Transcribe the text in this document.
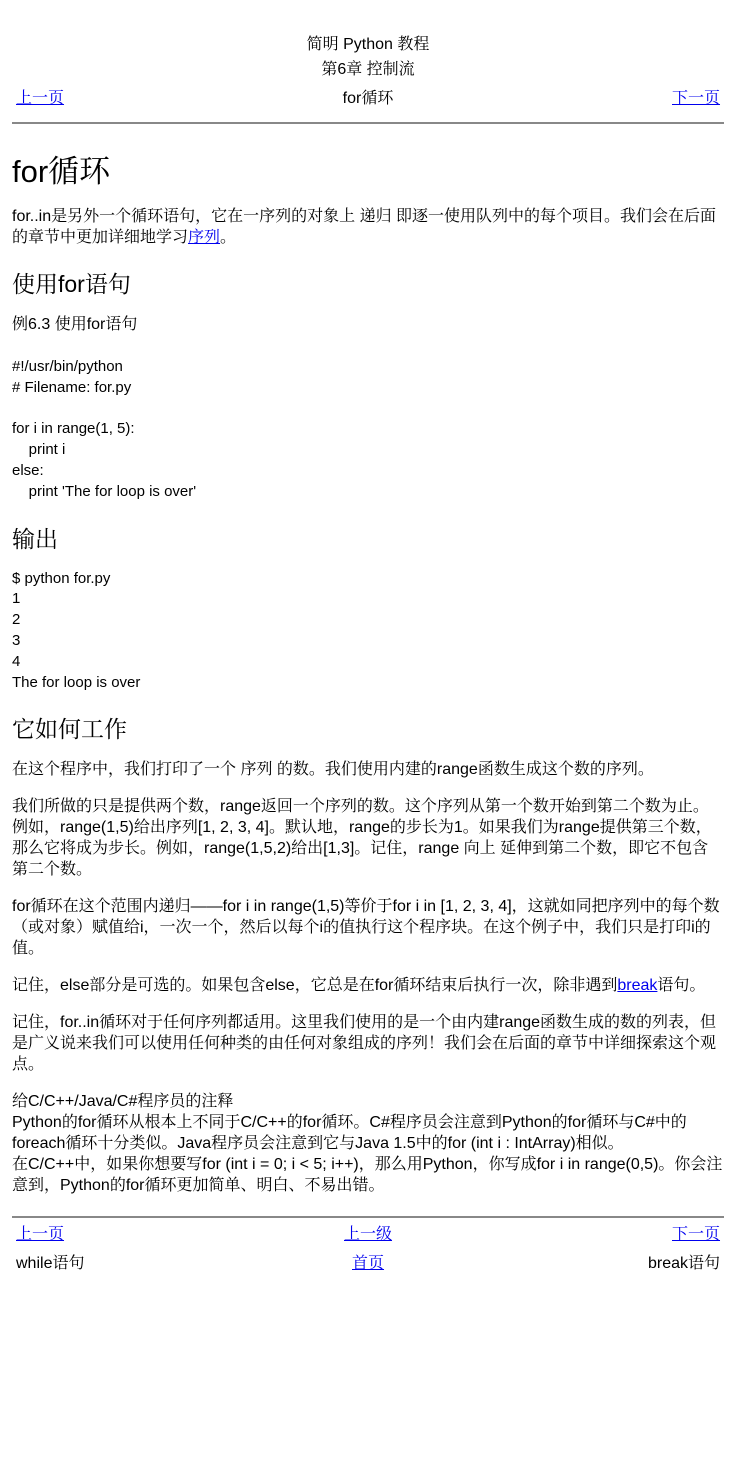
简明 Python 教程
第6章 控制流
上一页	for循环	下一页
for循环

for..in是另外一个循环语句，它在一序列的对象上 递归 即逐一使用队列中的每个项目。我们会在后面的章节中更加详细地学习序列。

使用for语句
例6.3 使用for语句
#!/usr/bin/python
# Filename: for.py

for i in range(1, 5):
print i
else:
print 'The for loop is over'
输出
$ python for.py
1
2
3
4
The for loop is over
它如何工作

在这个程序中，我们打印了一个 序列 的数。我们使用内建的range函数生成这个数的序列。

我们所做的只是提供两个数，range返回一个序列的数。这个序列从第一个数开始到第二个数为止。例如，range(1,5)给出序列[1, 2, 3, 4]。默认地，range的步长为1。如果我们为range提供第三个数，那么它将成为步长。例如，range(1,5,2)给出[1,3]。记住，range 向上 延伸到第二个数，即它不包含第二个数。

for循环在这个范围内递归——for i in range(1,5)等价于for i in [1, 2, 3, 4]，这就如同把序列中的每个数（或对象）赋值给i，一次一个，然后以每个i的值执行这个程序块。在这个例子中，我们只是打印i的值。

记住，else部分是可选的。如果包含else，它总是在for循环结束后执行一次，除非遇到break语句。

记住，for..in循环对于任何序列都适用。这里我们使用的是一个由内建range函数生成的数的列表，但是广义说来我们可以使用任何种类的由任何对象组成的序列！我们会在后面的章节中详细探索这个观点。

给C/C++/Java/C#程序员的注释
Python的for循环从根本上不同于C/C++的for循环。C#程序员会注意到Python的for循环与C#中的foreach循环十分类似。Java程序员会注意到它与Java 1.5中的for (int i : IntArray)相似。
在C/C++中，如果你想要写for (int i = 0; i < 5; i++)，那么用Python，你写成for i in range(0,5)。你会注意到，Python的for循环更加简单、明白、不易出错。
上一页	上一级	下一页
while语句	首页	break语句
